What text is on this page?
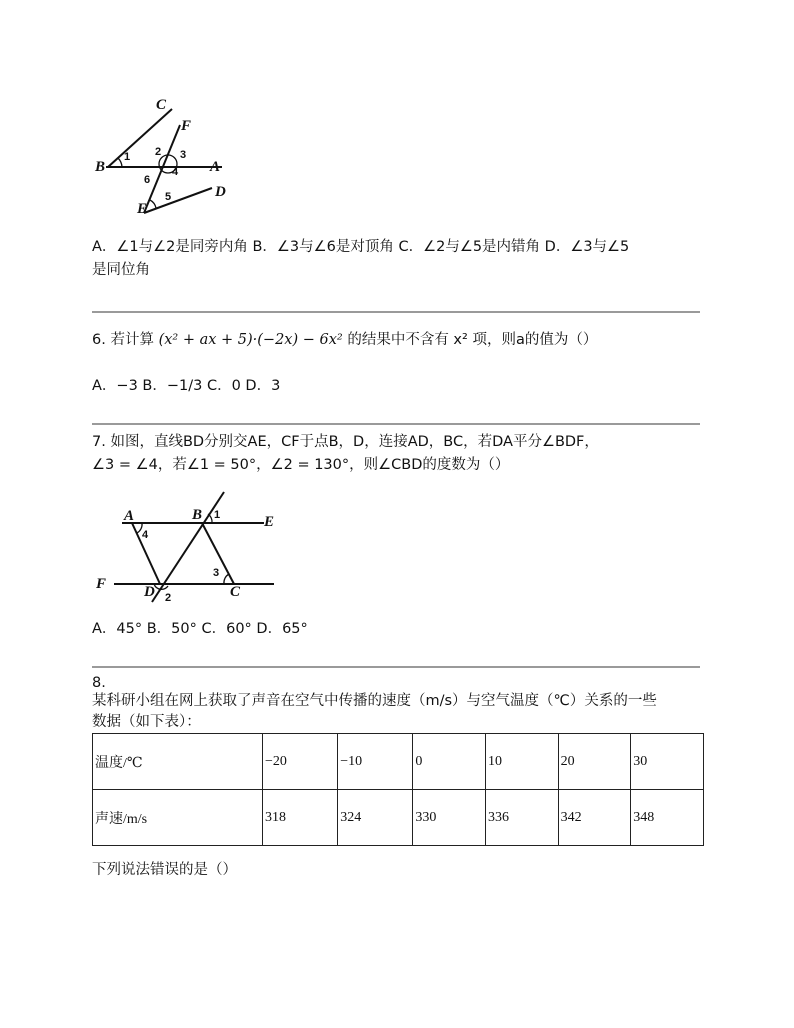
C
F
B	A
E
D
1 2 3
4
6
5
A．∠1与∠2是同旁内角 B．∠3与∠6是对顶角 C．∠2与∠5是内错角 D．∠3与∠5
是同位角
6. 若计算 (x² + ax + 5)·(−2x) − 6x² 的结果中不含有 x² 项，则a的值为（）
A．−3 B．−1/3 C．0 D．3
7. 如图，直线BD分别交AE，CF于点B，D，连接AD，BC，若DA平分∠BDF，
∠3 = ∠4，若∠1 = 50°，∠2 = 130°，则∠CBD的度数为（）
A	B	E
F	D	C
1
4
3
2
A．45° B．50° C．60° D．65°
8.
某科研小组在网上获取了声音在空气中传播的速度（m/s）与空气温度（℃）关系的一些
数据（如下表）：
温度/℃	−20	−10	0	10	20	30
声速/m/s	318	324	330	336	342	348
下列说法错误的是（）
